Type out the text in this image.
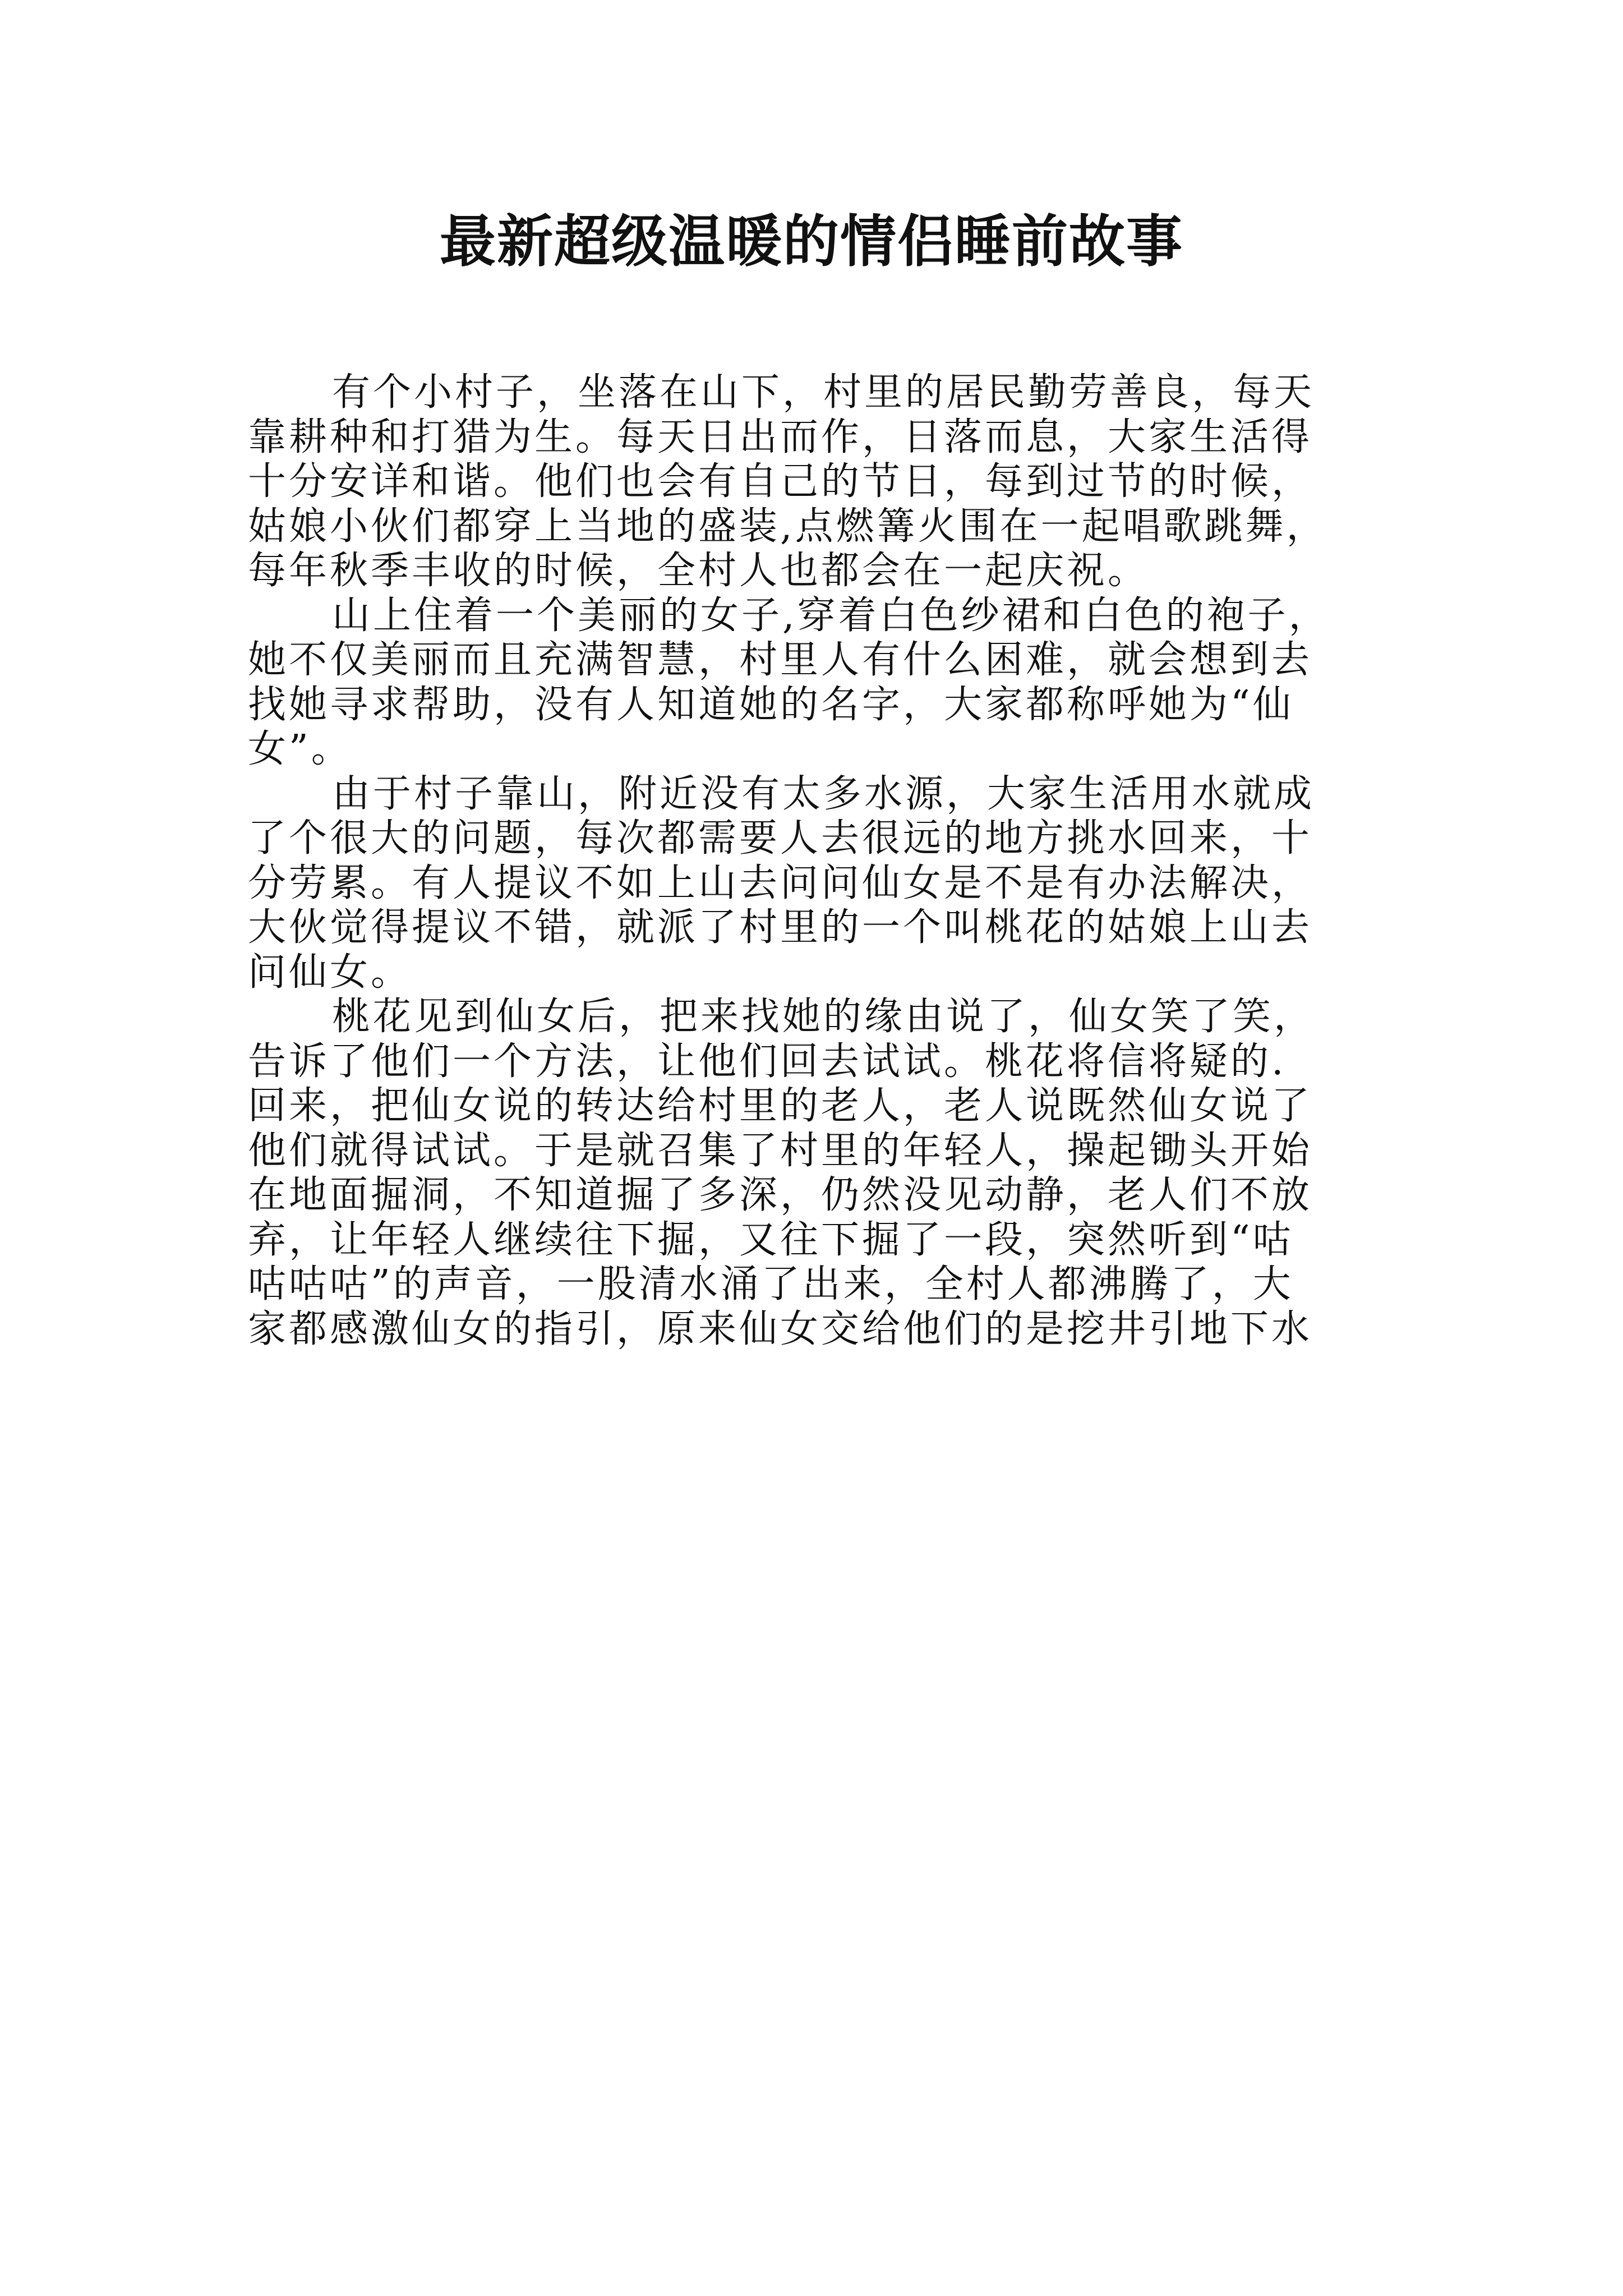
最新超级温暖的情侣睡前故事
有个小村子，坐落在山下，村里的居民勤劳善良，每天
靠耕种和打猎为生。每天日出而作，日落而息，大家生活得
十分安详和谐。他们也会有自己的节日，每到过节的时候，
姑娘小伙们都穿上当地的盛装,点燃篝火围在一起唱歌跳舞，
每年秋季丰收的时候，全村人也都会在一起庆祝。
山上住着一个美丽的女子,穿着白色纱裙和白色的袍子，
她不仅美丽而且充满智慧，村里人有什么困难，就会想到去
找她寻求帮助，没有人知道她的名字，大家都称呼她为“仙
女”。
由于村子靠山，附近没有太多水源，大家生活用水就成
了个很大的问题，每次都需要人去很远的地方挑水回来，十
分劳累。有人提议不如上山去问问仙女是不是有办法解决，
大伙觉得提议不错，就派了村里的一个叫桃花的姑娘上山去
问仙女。
桃花见到仙女后，把来找她的缘由说了，仙女笑了笑，
告诉了他们一个方法，让他们回去试试。桃花将信将疑的.
回来，把仙女说的转达给村里的老人，老人说既然仙女说了
他们就得试试。于是就召集了村里的年轻人，操起锄头开始
在地面掘洞，不知道掘了多深，仍然没见动静，老人们不放
弃，让年轻人继续往下掘，又往下掘了一段，突然听到“咕
咕咕咕”的声音，一股清水涌了出来，全村人都沸腾了，大
家都感激仙女的指引，原来仙女交给他们的是挖井引地下水
